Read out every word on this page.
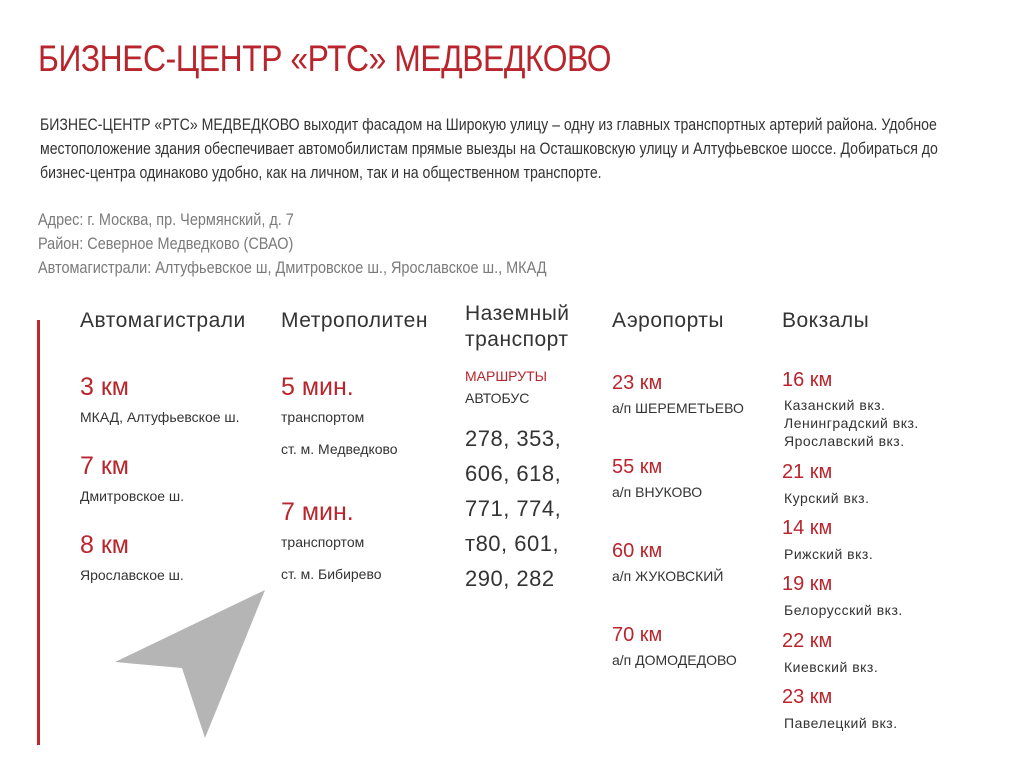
БИЗНЕС-ЦЕНТР «РТС» МЕДВЕДКОВО
БИЗНЕС-ЦЕНТР «РТС» МЕДВЕДКОВО выходит фасадом на Широкую улицу – одну из главных транспортных артерий района. Удобное местоположение здания обеспечивает автомобилистам прямые выезды на Осташковскую улицу и Алтуфьевское шоссе. Добираться до бизнес-центра одинаково удобно, как на личном, так и на общественном транспорте.
Адрес: г. Москва, пр. Чермянский, д. 7
Район: Северное Медведково (СВАО)
Автомагистрали: Алтуфьевское ш, Дмитровское ш., Ярославское ш., МКАД
Автомагистрали
3 км
МКАД, Алтуфьевское ш.
7 км
Дмитровское ш.
8 км
Ярославское ш.
Метрополитен
5 мин.
транспортом
ст. м. Медведково
7 мин.
транспортом
ст. м. Бибирево
Наземный
транспорт
МАРШРУТЫ
АВТОБУС
278, 353,
606, 618,
771, 774,
т80, 601,
290, 282
Аэропорты
23 км
а/п ШЕРЕМЕТЬЕВО
55 км
а/п ВНУКОВО
60 км
а/п ЖУКОВСКИЙ
70 км
а/п ДОМОДЕДОВО
Вокзалы
16 км
Казанский вкз.
Ленинградский вкз.
Ярославский вкз.
21 км
Курский вкз.
14 км
Рижский вкз.
19 км
Белорусский вкз.
22 км
Киевский вкз.
23 км
Павелецкий вкз.
